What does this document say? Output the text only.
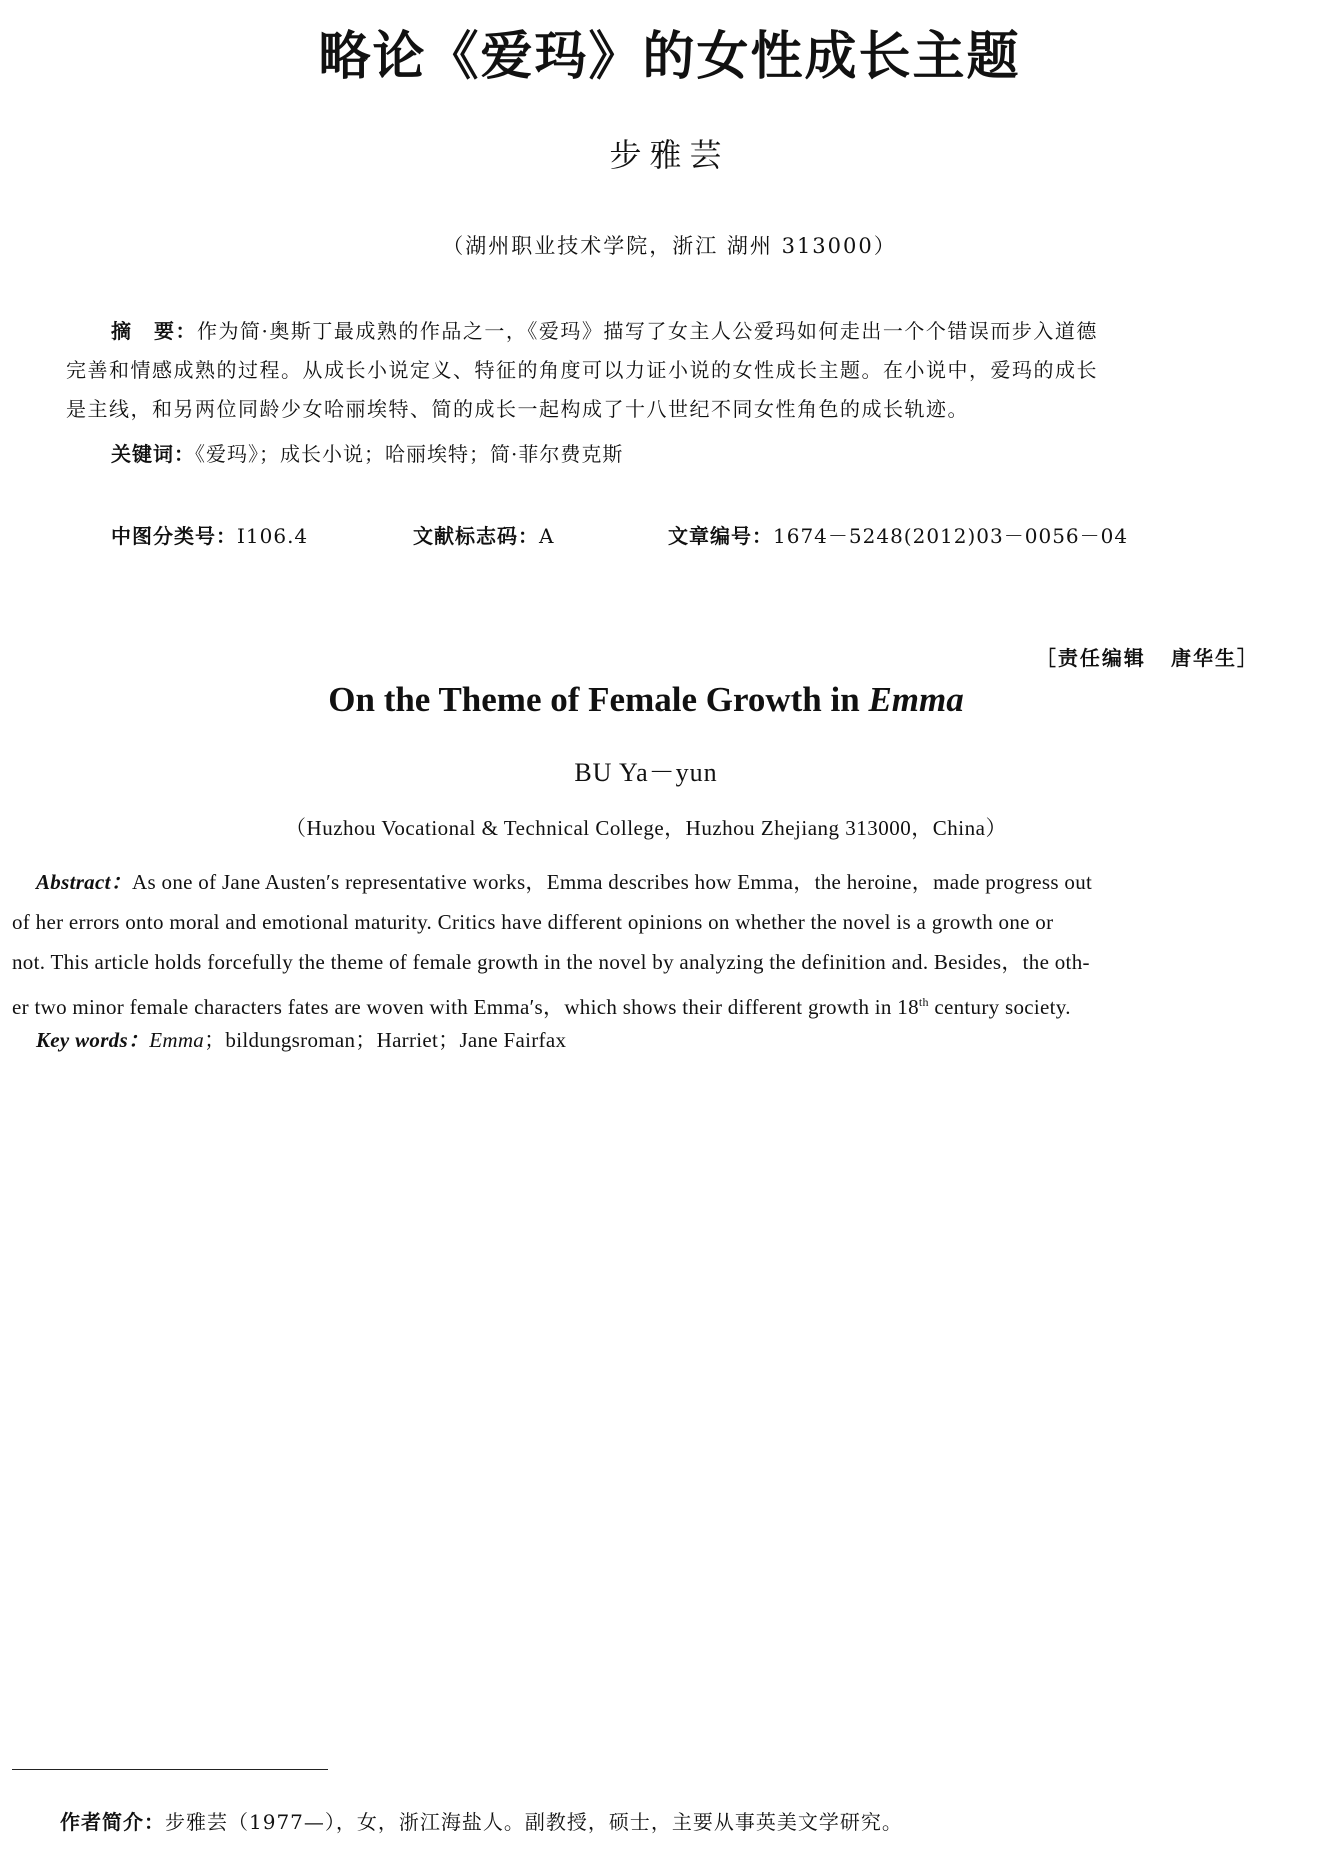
略论《爱玛》的女性成长主题
步雅芸
（湖州职业技术学院，浙江 湖州 313000）
摘　要：作为简·奥斯丁最成熟的作品之一，《爱玛》描写了女主人公爱玛如何走出一个个错误而步入道德
完善和情感成熟的过程。从成长小说定义、特征的角度可以力证小说的女性成长主题。在小说中，爱玛的成长
是主线，和另两位同龄少女哈丽埃特、简的成长一起构成了十八世纪不同女性角色的成长轨迹。
关键词：《爱玛》；成长小说；哈丽埃特；简·菲尔费克斯
中图分类号：I106.4	文献标志码：A	文章编号：1674－5248(2012)03－0056－04
［责任编辑 唐华生］
On the Theme of Female Growth in Emma
BU Ya－yun
（Huzhou Vocational & Technical College，Huzhou Zhejiang 313000，China）
Abstract：As one of Jane Austen′s representative works，Emma describes how Emma，the heroine，made progress out
of her errors onto moral and emotional maturity. Critics have different opinions on whether the novel is a growth one or
not. This article holds forcefully the theme of female growth in the novel by analyzing the definition and. Besides，the oth-
er two minor female characters fates are woven with Emma′s，which shows their different growth in 18th century society.
Key words：Emma；bildungsroman；Harriet；Jane Fairfax
作者简介：步雅芸（1977—），女，浙江海盐人。副教授，硕士，主要从事英美文学研究。
